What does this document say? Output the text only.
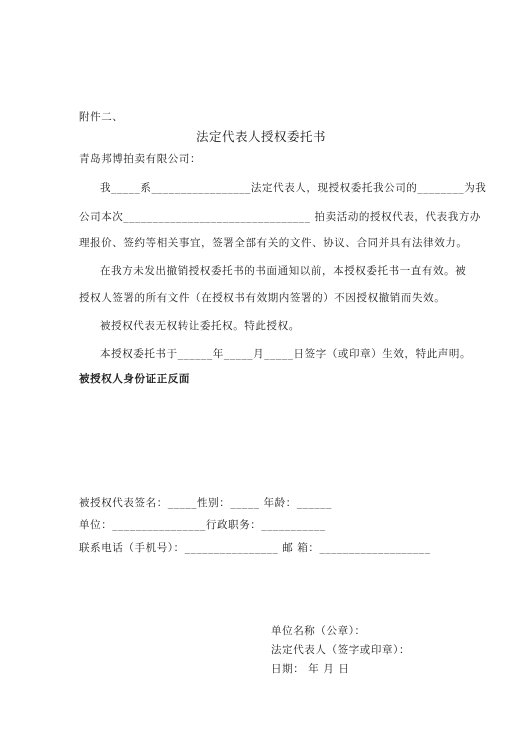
附件二、
法定代表人授权委托书
青岛邦博拍卖有限公司：
我_____系_________________法定代表人，现授权委托我公司的________为我
公司本次________________________________ 拍卖活动的授权代表，代表我方办
理报价、签约等相关事宜，签署全部有关的文件、协议、合同并具有法律效力。
在我方未发出撤销授权委托书的书面通知以前，本授权委托书一直有效。被
授权人签署的所有文件（在授权书有效期内签署的）不因授权撤销而失效。
被授权代表无权转让委托权。特此授权。
本授权委托书于______年_____月_____日签字（或印章）生效，特此声明。
被授权人身份证正反面
被授权代表签名：_____性别：_____ 年龄：______
单位：________________行政职务：___________
联系电话（手机号）：________________ 邮 箱：___________________
单位名称（公章）：
法定代表人（签字或印章）：
日期： 年 月 日
